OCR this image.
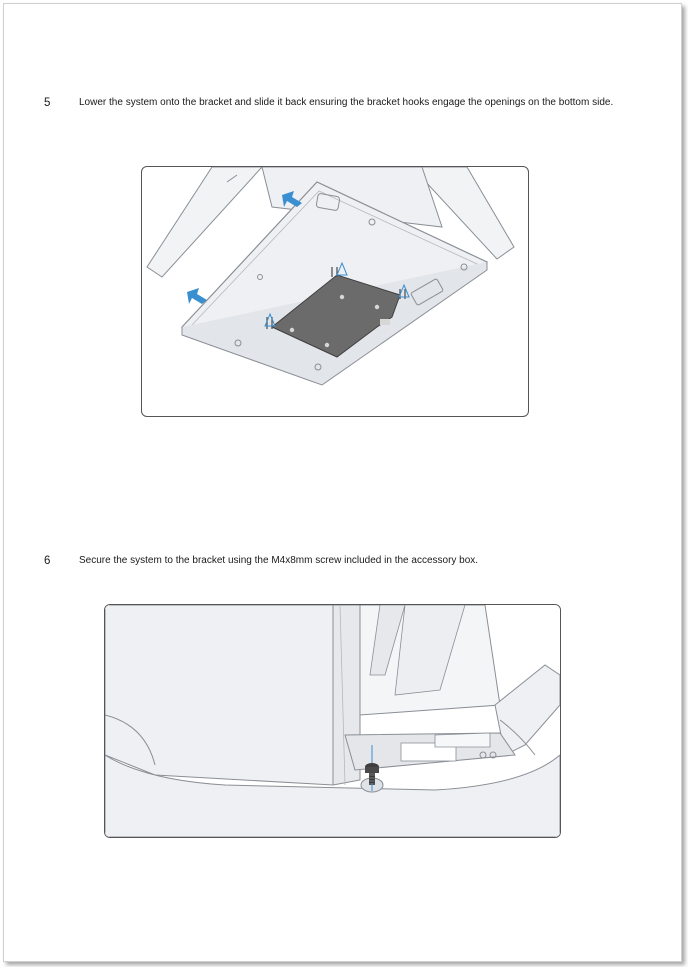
5	Lower the system onto the bracket and slide it back ensuring the bracket hooks engage the openings on the bottom side.
6	Secure the system to the bracket using the M4x8mm screw included in the accessory box.
